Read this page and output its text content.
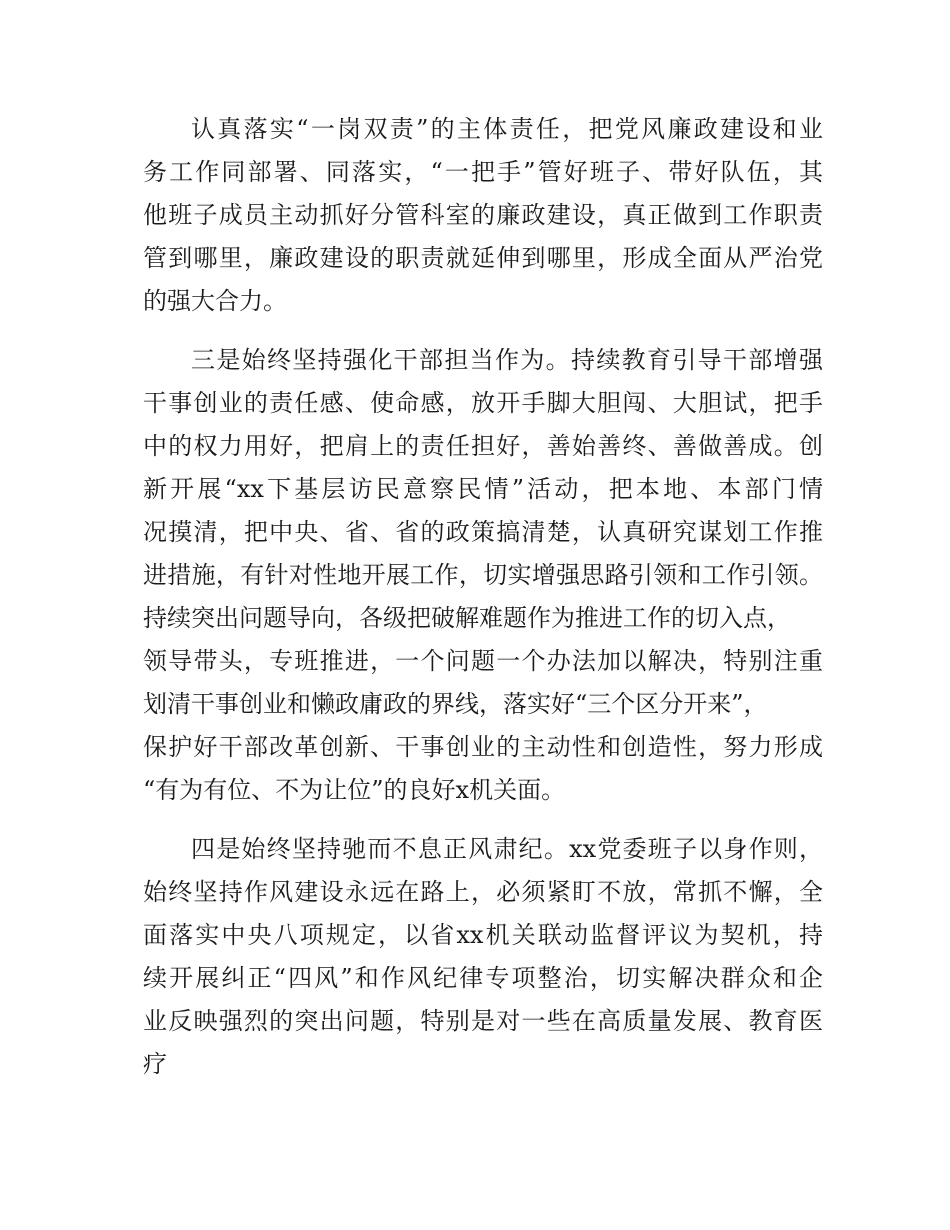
认真落实“一岗双责”的主体责任，把党风廉政建设和业
务工作同部署、同落实，“一把手”管好班子、带好队伍，其
他班子成员主动抓好分管科室的廉政建设，真正做到工作职责
管到哪里，廉政建设的职责就延伸到哪里，形成全面从严治党
的强大合力。
三是始终坚持强化干部担当作为。持续教育引导干部增强
干事创业的责任感、使命感，放开手脚大胆闯、大胆试，把手
中的权力用好，把肩上的责任担好，善始善终、善做善成。创
新开展“xx下基层访民意察民情”活动，把本地、本部门情
况摸清，把中央、省、省的政策搞清楚，认真研究谋划工作推
进措施，有针对性地开展工作，切实增强思路引领和工作引领。
持续突出问题导向，各级把破解难题作为推进工作的切入点，
领导带头，专班推进，一个问题一个办法加以解决，特别注重
划清干事创业和懒政庸政的界线，落实好“三个区分开来”，
保护好干部改革创新、干事创业的主动性和创造性，努力形成
“有为有位、不为让位”的良好x机关面。
四是始终坚持驰而不息正风肃纪。xx党委班子以身作则，
始终坚持作风建设永远在路上，必须紧盯不放，常抓不懈，全
面落实中央八项规定，以省xx机关联动监督评议为契机，持
续开展纠正“四风”和作风纪律专项整治，切实解决群众和企
业反映强烈的突出问题，特别是对一些在高质量发展、教育医
疗
